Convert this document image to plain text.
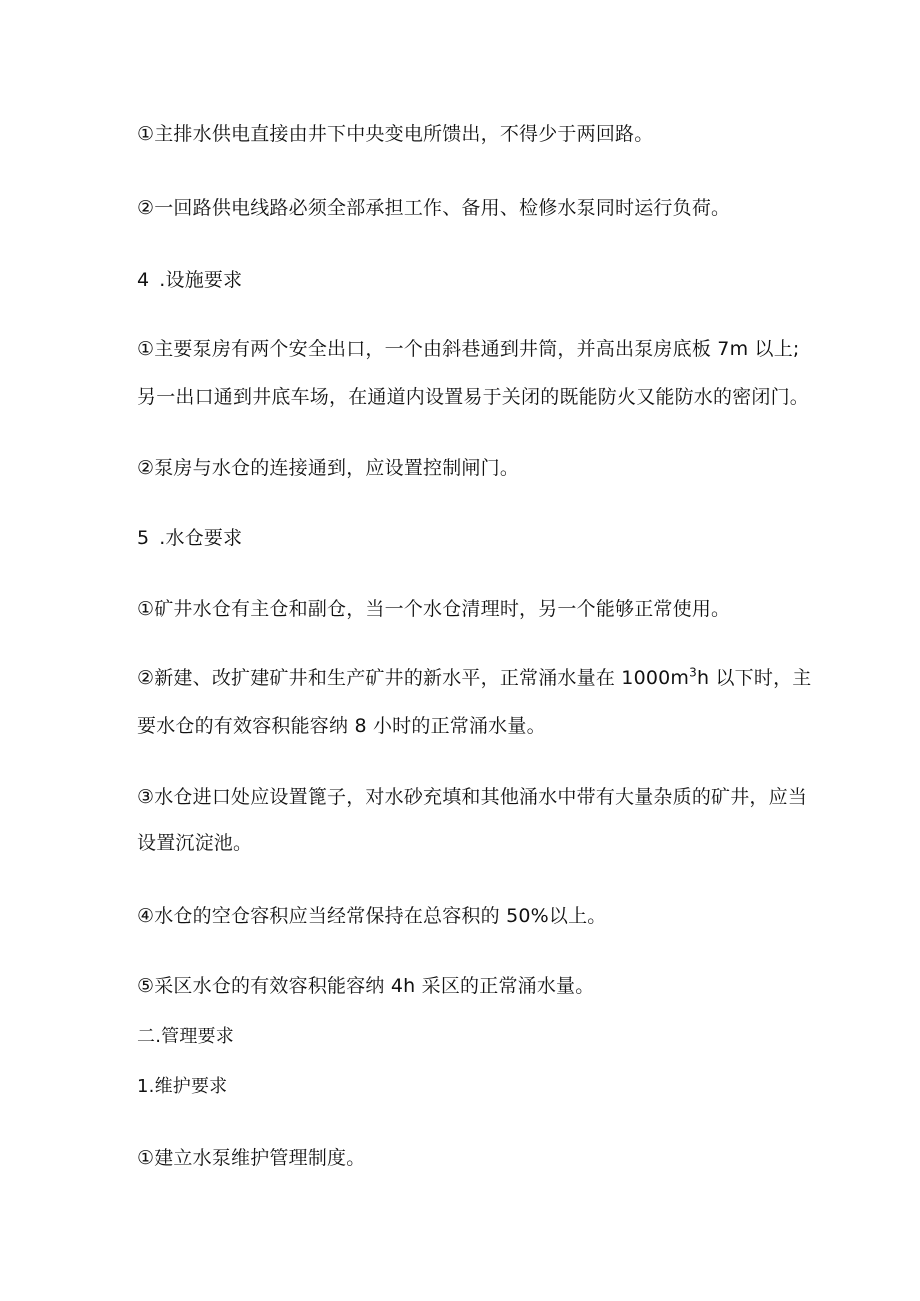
①主排水供电直接由井下中央变电所馈出，不得少于两回路。
②一回路供电线路必须全部承担工作、备用、检修水泵同时运行负荷。
4 .设施要求
①主要泵房有两个安全出口，一个由斜巷通到井筒，并高出泵房底板 7m 以上;
另一出口通到井底车场，在通道内设置易于关闭的既能防火又能防水的密闭门。
②泵房与水仓的连接通到，应设置控制闸门。
5 .水仓要求
①矿井水仓有主仓和副仓，当一个水仓清理时，另一个能够正常使用。
②新建、改扩建矿井和生产矿井的新水平，正常涌水量在 $1000m^3h$ 以下时，主
要水仓的有效容积能容纳 8 小时的正常涌水量。
③水仓进口处应设置篦子，对水砂充填和其他涌水中带有大量杂质的矿井，应当
设置沉淀池。
④水仓的空仓容积应当经常保持在总容积的 50%以上。
⑤采区水仓的有效容积能容纳 4h 采区的正常涌水量。
二.管理要求
1.维护要求
①建立水泵维护管理制度。
